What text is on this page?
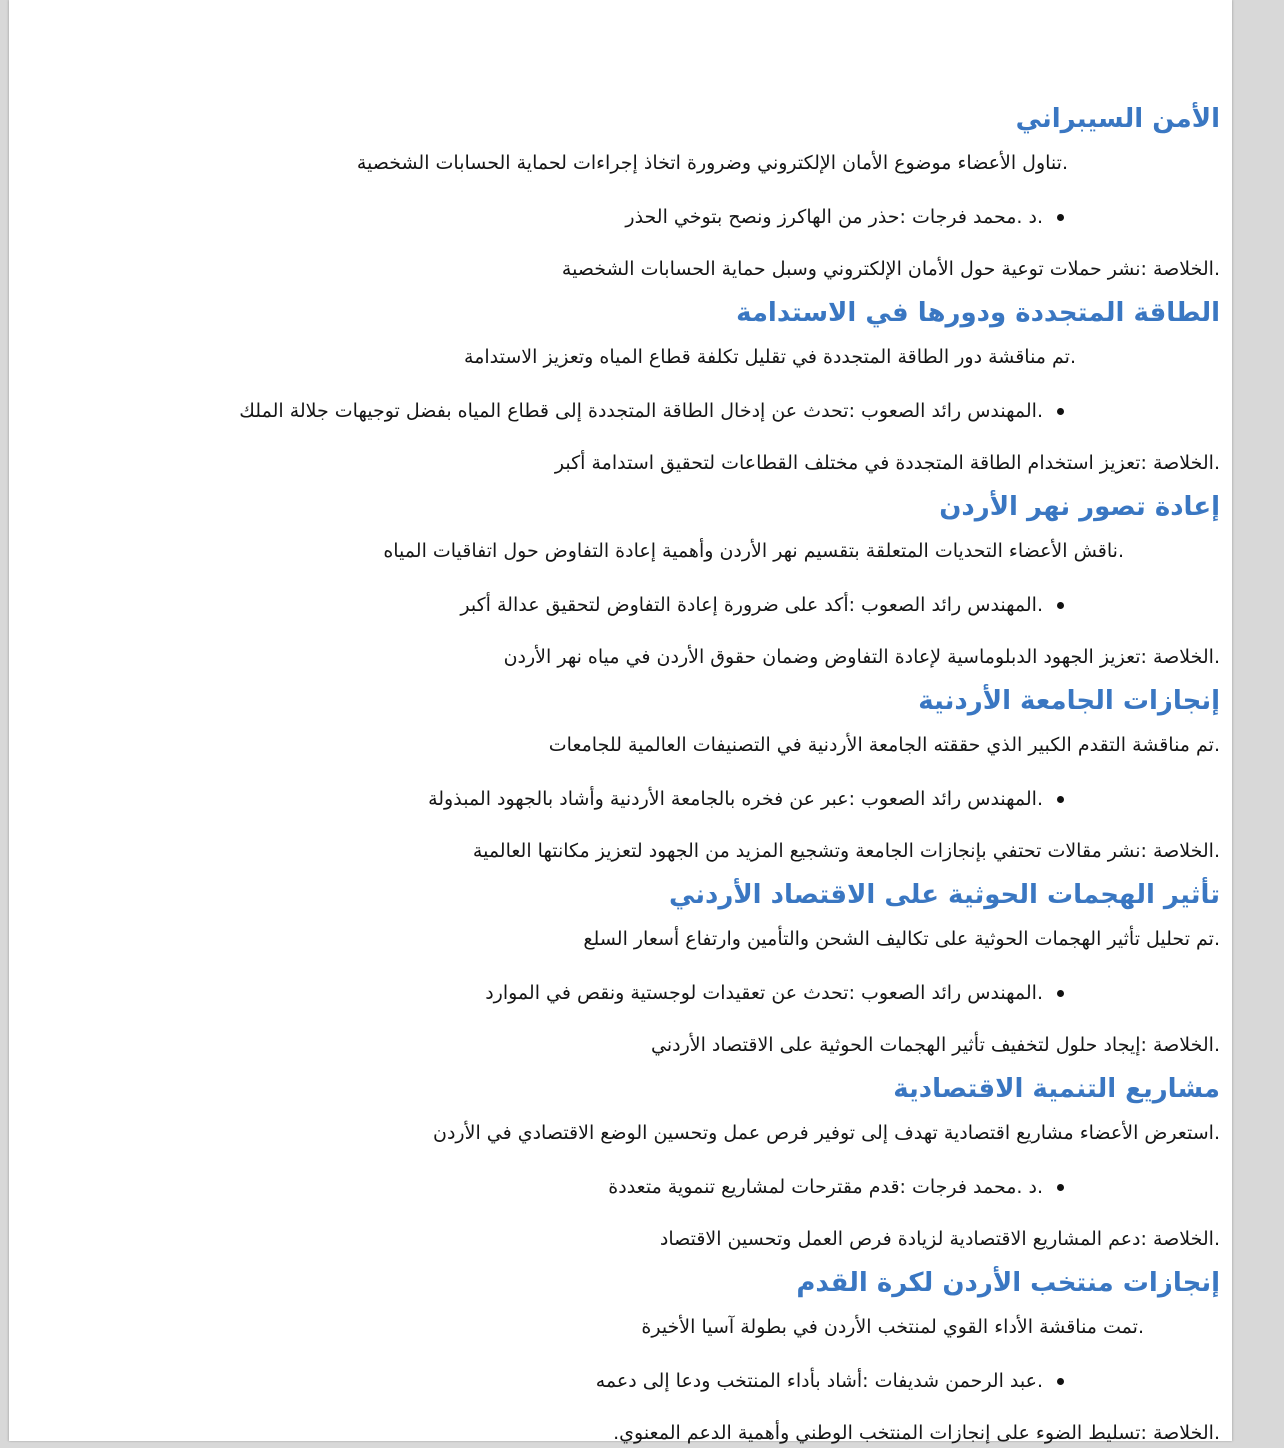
الأمن السيبراني

.تناول الأعضاء موضوع الأمان الإلكتروني وضرورة اتخاذ إجراءات لحماية الحسابات الشخصية

.د .محمد فرجات :حذر من الهاكرز ونصح بتوخي الحذر

.الخلاصة :نشر حملات توعية حول الأمان الإلكتروني وسبل حماية الحسابات الشخصية

الطاقة المتجددة ودورها في الاستدامة

.تم مناقشة دور الطاقة المتجددة في تقليل تكلفة قطاع المياه وتعزيز الاستدامة

.المهندس رائد الصعوب :تحدث عن إدخال الطاقة المتجددة إلى قطاع المياه بفضل توجيهات جلالة الملك

.الخلاصة :تعزيز استخدام الطاقة المتجددة في مختلف القطاعات لتحقيق استدامة أكبر

إعادة تصور نهر الأردن

.ناقش الأعضاء التحديات المتعلقة بتقسيم نهر الأردن وأهمية إعادة التفاوض حول اتفاقيات المياه

.المهندس رائد الصعوب :أكد على ضرورة إعادة التفاوض لتحقيق عدالة أكبر

.الخلاصة :تعزيز الجهود الدبلوماسية لإعادة التفاوض وضمان حقوق الأردن في مياه نهر الأردن

إنجازات الجامعة الأردنية

.تم مناقشة التقدم الكبير الذي حققته الجامعة الأردنية في التصنيفات العالمية للجامعات

.المهندس رائد الصعوب :عبر عن فخره بالجامعة الأردنية وأشاد بالجهود المبذولة

.الخلاصة :نشر مقالات تحتفي بإنجازات الجامعة وتشجيع المزيد من الجهود لتعزيز مكانتها العالمية

تأثير الهجمات الحوثية على الاقتصاد الأردني

.تم تحليل تأثير الهجمات الحوثية على تكاليف الشحن والتأمين وارتفاع أسعار السلع

.المهندس رائد الصعوب :تحدث عن تعقيدات لوجستية ونقص في الموارد

.الخلاصة :إيجاد حلول لتخفيف تأثير الهجمات الحوثية على الاقتصاد الأردني

مشاريع التنمية الاقتصادية

.استعرض الأعضاء مشاريع اقتصادية تهدف إلى توفير فرص عمل وتحسين الوضع الاقتصادي في الأردن

.د .محمد فرجات :قدم مقترحات لمشاريع تنموية متعددة

.الخلاصة :دعم المشاريع الاقتصادية لزيادة فرص العمل وتحسين الاقتصاد

إنجازات منتخب الأردن لكرة القدم

.تمت مناقشة الأداء القوي لمنتخب الأردن في بطولة آسيا الأخيرة

.عبد الرحمن شديفات :أشاد بأداء المنتخب ودعا إلى دعمه

.الخلاصة :تسليط الضوء على إنجازات المنتخب الوطني وأهمية الدعم المعنوي.
